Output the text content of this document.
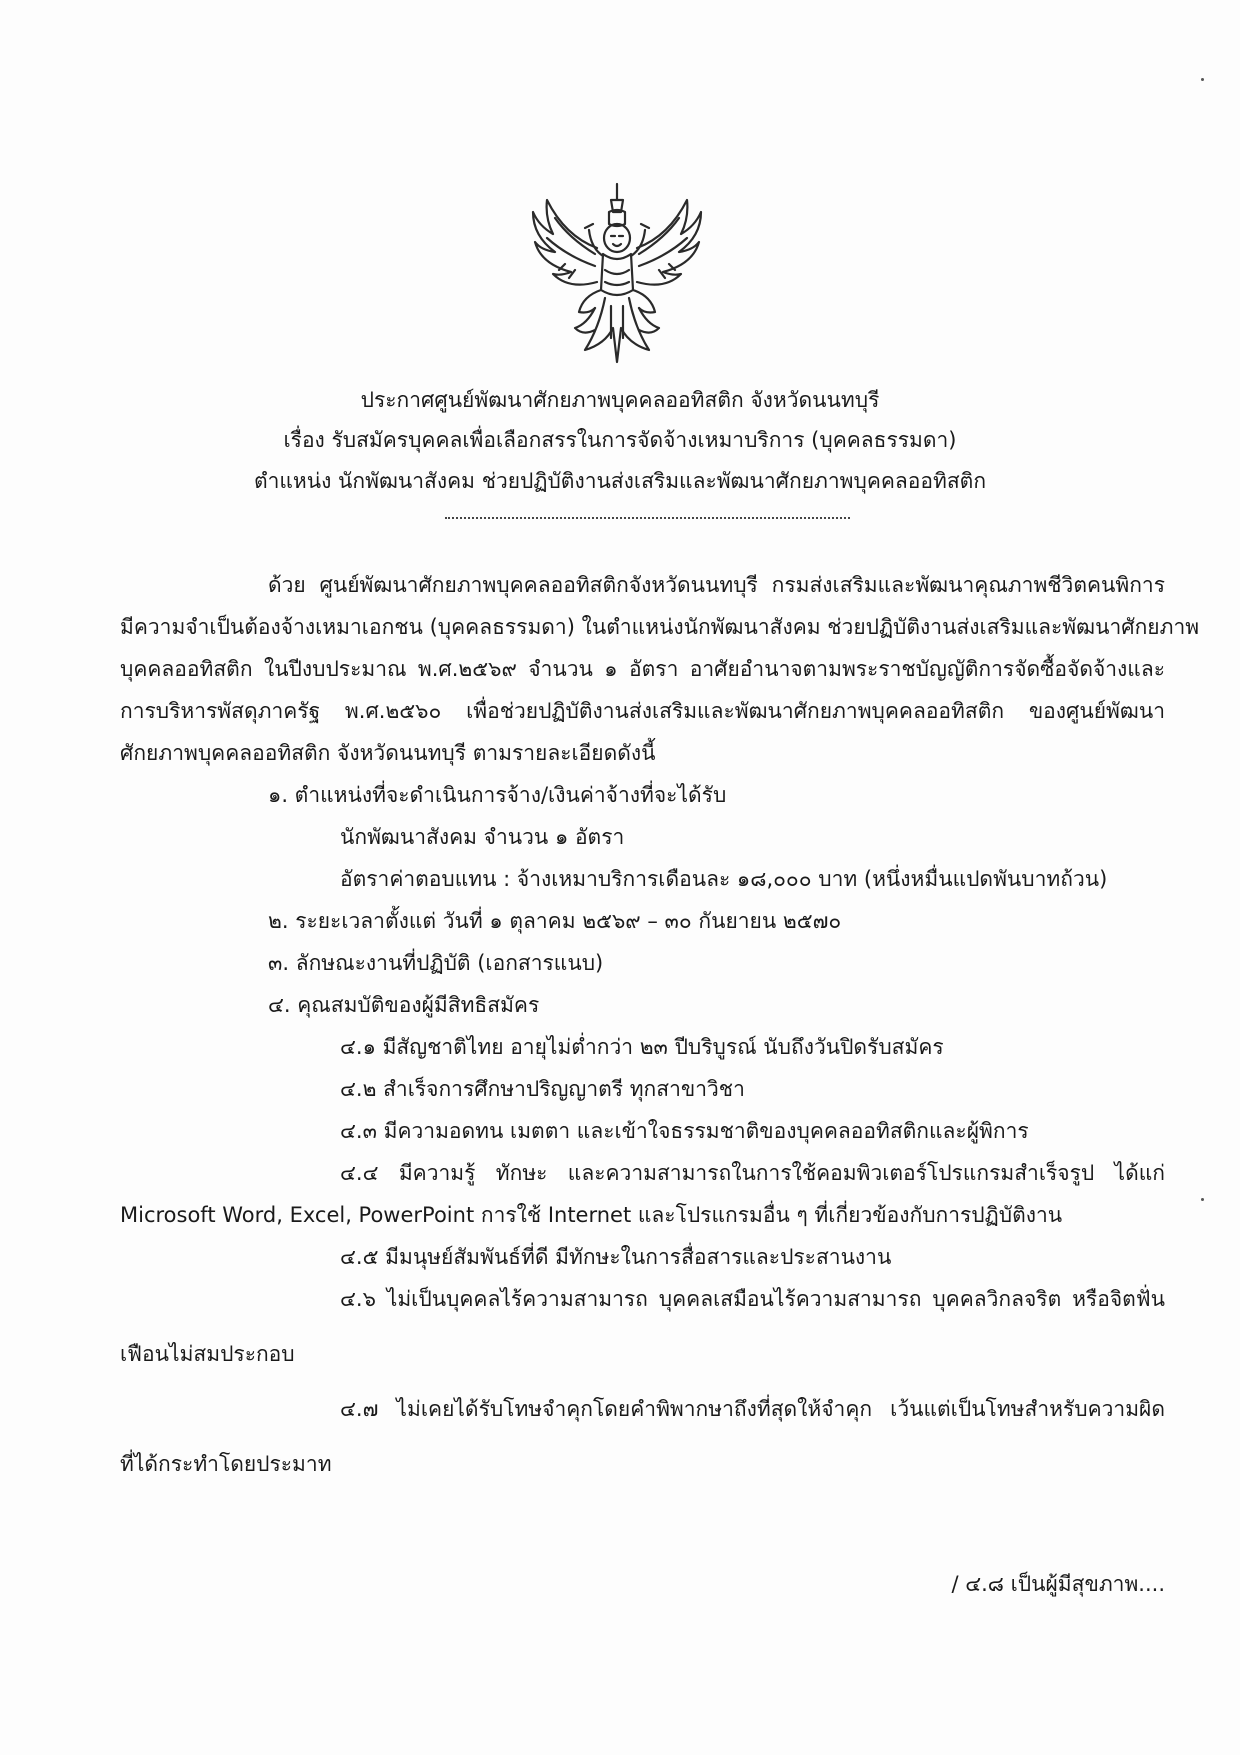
ประกาศศูนย์พัฒนาศักยภาพบุคคลออทิสติก จังหวัดนนทบุรี
เรื่อง รับสมัครบุคคลเพื่อเลือกสรรในการจัดจ้างเหมาบริการ (บุคคลธรรมดา)
ตำแหน่ง นักพัฒนาสังคม ช่วยปฏิบัติงานส่งเสริมและพัฒนาศักยภาพบุคคลออทิสติก
ด้วย ศูนย์พัฒนาศักยภาพบุคคลออทิสติกจังหวัดนนทบุรี กรมส่งเสริมและพัฒนาคุณภาพชีวิตคนพิการ
มีความจำเป็นต้องจ้างเหมาเอกชน (บุคคลธรรมดา) ในตำแหน่งนักพัฒนาสังคม ช่วยปฏิบัติงานส่งเสริมและพัฒนาศักยภาพ
บุคคลออทิสติก ในปีงบประมาณ พ.ศ.๒๕๖๙ จำนวน ๑ อัตรา อาศัยอำนาจตามพระราชบัญญัติการจัดซื้อจัดจ้างและ
การบริหารพัสดุภาครัฐ พ.ศ.๒๕๖๐ เพื่อช่วยปฏิบัติงานส่งเสริมและพัฒนาศักยภาพบุคคลออทิสติก ของศูนย์พัฒนา
ศักยภาพบุคคลออทิสติก จังหวัดนนทบุรี ตามรายละเอียดดังนี้
๑. ตำแหน่งที่จะดำเนินการจ้าง/เงินค่าจ้างที่จะได้รับ
นักพัฒนาสังคม จำนวน ๑ อัตรา
อัตราค่าตอบแทน : จ้างเหมาบริการเดือนละ ๑๘,๐๐๐ บาท (หนึ่งหมื่นแปดพันบาทถ้วน)
๒. ระยะเวลาตั้งแต่ วันที่ ๑ ตุลาคม ๒๕๖๙ – ๓๐ กันยายน ๒๕๗๐
๓. ลักษณะงานที่ปฏิบัติ (เอกสารแนบ)
๔. คุณสมบัติของผู้มีสิทธิสมัคร
๔.๑ มีสัญชาติไทย อายุไม่ต่ำกว่า ๒๓ ปีบริบูรณ์ นับถึงวันปิดรับสมัคร
๔.๒ สำเร็จการศึกษาปริญญาตรี ทุกสาขาวิชา
๔.๓ มีความอดทน เมตตา และเข้าใจธรรมชาติของบุคคลออทิสติกและผู้พิการ
๔.๔ มีความรู้ ทักษะ และความสามารถในการใช้คอมพิวเตอร์โปรแกรมสำเร็จรูป ได้แก่
Microsoft Word, Excel, PowerPoint การใช้ Internet และโปรแกรมอื่น ๆ ที่เกี่ยวข้องกับการปฏิบัติงาน
๔.๕ มีมนุษย์สัมพันธ์ที่ดี มีทักษะในการสื่อสารและประสานงาน
๔.๖ ไม่เป็นบุคคลไร้ความสามารถ บุคคลเสมือนไร้ความสามารถ บุคคลวิกลจริต หรือจิตฟั่น
เฟือนไม่สมประกอบ
๔.๗ ไม่เคยได้รับโทษจำคุกโดยคำพิพากษาถึงที่สุดให้จำคุก เว้นแต่เป็นโทษสำหรับความผิด
ที่ได้กระทำโดยประมาท
/ ๔.๘ เป็นผู้มีสุขภาพ....
